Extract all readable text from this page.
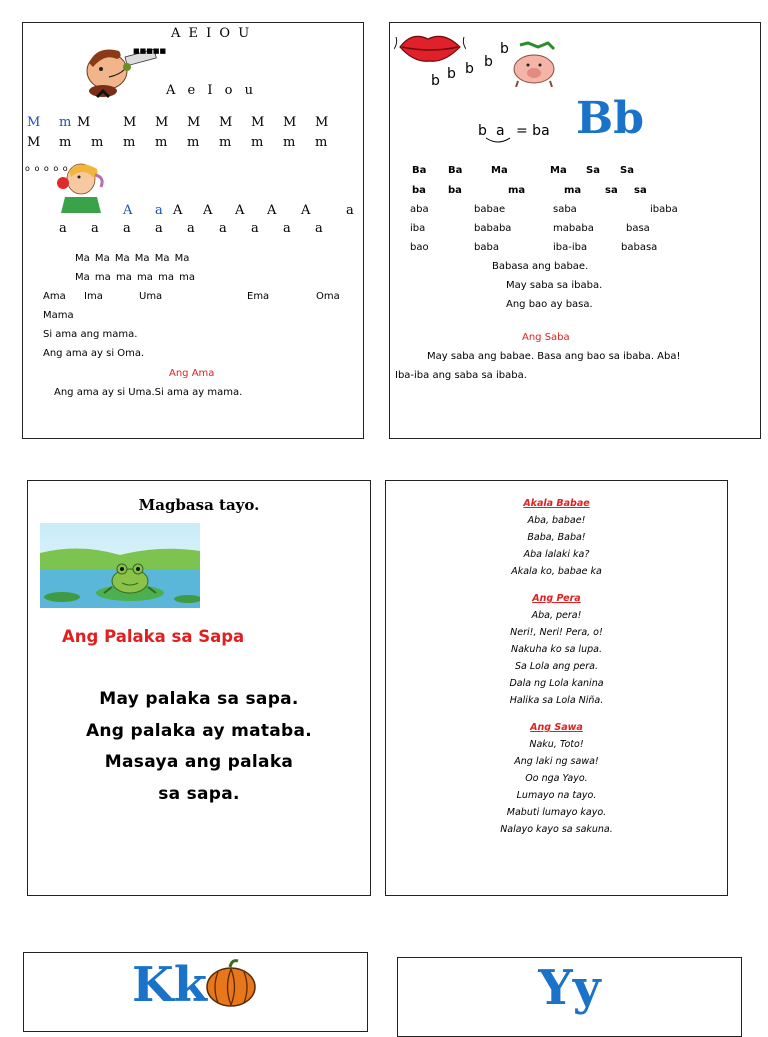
A E I O U
■■■■■
A e I o u
M m M	M M M M M M M
M m m m m m m m m m
o o o o o
A a A A A A A	a
a a a a a a a a a
Ma Ma Ma Ma Ma Ma
Ma ma ma ma ma ma
Ama Ima	Uma	Ema	Oma
Mama
Si ama ang mama.
Ang ama ay si Oma.
Ang Ama
Ang ama ay si Uma.Si ama ay mama.
b b b b
b
b a = ba Bb
Ba Ba	Ma	Ma Sa Sa
ba ba	ma	ma sa sa
aba	babae	saba	ibaba
iba	bababa	mababa	basa
bao	baba	iba-iba	babasa
Babasa ang babae.
May saba sa ibaba.
Ang bao ay basa.
Ang Saba
May saba ang babae. Basa ang bao sa ibaba. Aba!
Iba-iba ang saba sa ibaba.
Magbasa tayo.
Ang Palaka sa Sapa
May palaka sa sapa.
Ang palaka ay mataba.
Masaya ang palaka
sa sapa.
Akala Babae
Aba, babae!
Baba, Baba!
Aba lalaki ka?
Akala ko, babae ka
Ang Pera
Aba, pera!
Neri!, Neri! Pera, o!
Nakuha ko sa lupa.
Sa Lola ang pera.
Dala ng Lola kanina
Halika sa Lola Niña.
Ang Sawa
Naku, Toto!
Ang laki ng sawa!
Oo nga Yayo.
Lumayo na tayo.
Mabuti lumayo kayo.
Nalayo kayo sa sakuna.
Kk	Yy
